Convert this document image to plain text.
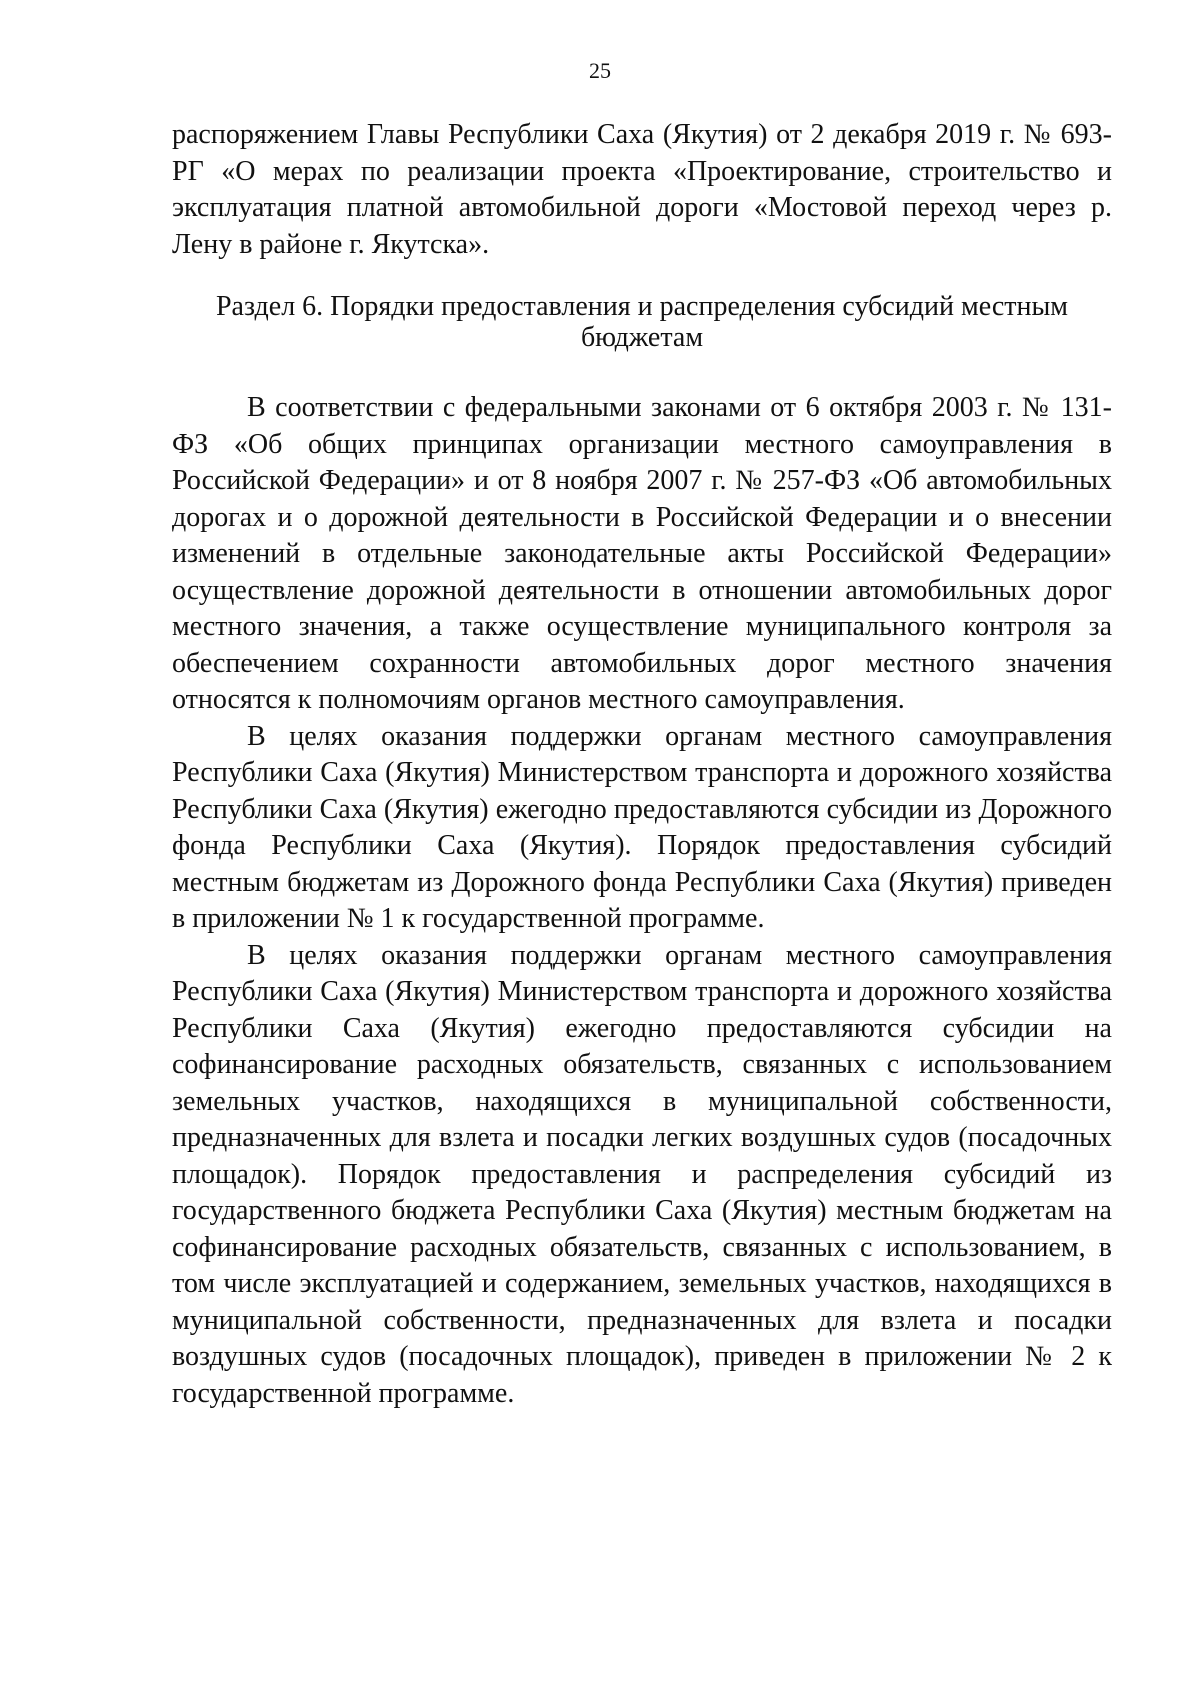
25

распоряжением Главы Республики Саха (Якутия) от 2 декабря 2019 г. № 693-РГ «О мерах по реализации проекта «Проектирование, строительство и эксплуатация платной автомобильной дороги «Мостовой переход через р. Лену в районе г. Якутска».

Раздел 6. Порядки предоставления и распределения субсидий местным бюджетам

В соответствии с федеральными законами от 6 октября 2003 г. № 131-ФЗ «Об общих принципах организации местного самоуправления в Российской Федерации» и от 8 ноября 2007 г. № 257-ФЗ «Об автомобильных дорогах и о дорожной деятельности в Российской Федерации и о внесении изменений в отдельные законодательные акты Российской Федерации» осуществление дорожной деятельности в отношении автомобильных дорог местного значения, а также осуществление муниципального контроля за обеспечением сохранности автомобильных дорог местного значения относятся к полномочиям органов местного самоуправления.

В целях оказания поддержки органам местного самоуправления Республики Саха (Якутия) Министерством транспорта и дорожного хозяйства Республики Саха (Якутия) ежегодно предоставляются субсидии из Дорожного фонда Республики Саха (Якутия). Порядок предоставления субсидий местным бюджетам из Дорожного фонда Республики Саха (Якутия) приведен в приложении № 1 к государственной программе.

В целях оказания поддержки органам местного самоуправления Республики Саха (Якутия) Министерством транспорта и дорожного хозяйства Республики Саха (Якутия) ежегодно предоставляются субсидии на софинансирование расходных обязательств, связанных с использованием земельных участков, находящихся в муниципальной собственности, предназначенных для взлета и посадки легких воздушных судов (посадочных площадок). Порядок предоставления и распределения субсидий из государственного бюджета Республики Саха (Якутия) местным бюджетам на софинансирование расходных обязательств, связанных с использованием, в том числе эксплуатацией и содержанием, земельных участков, находящихся в муниципальной собственности, предназначенных для взлета и посадки воздушных судов (посадочных площадок), приведен в приложении № 2 к государственной программе.
